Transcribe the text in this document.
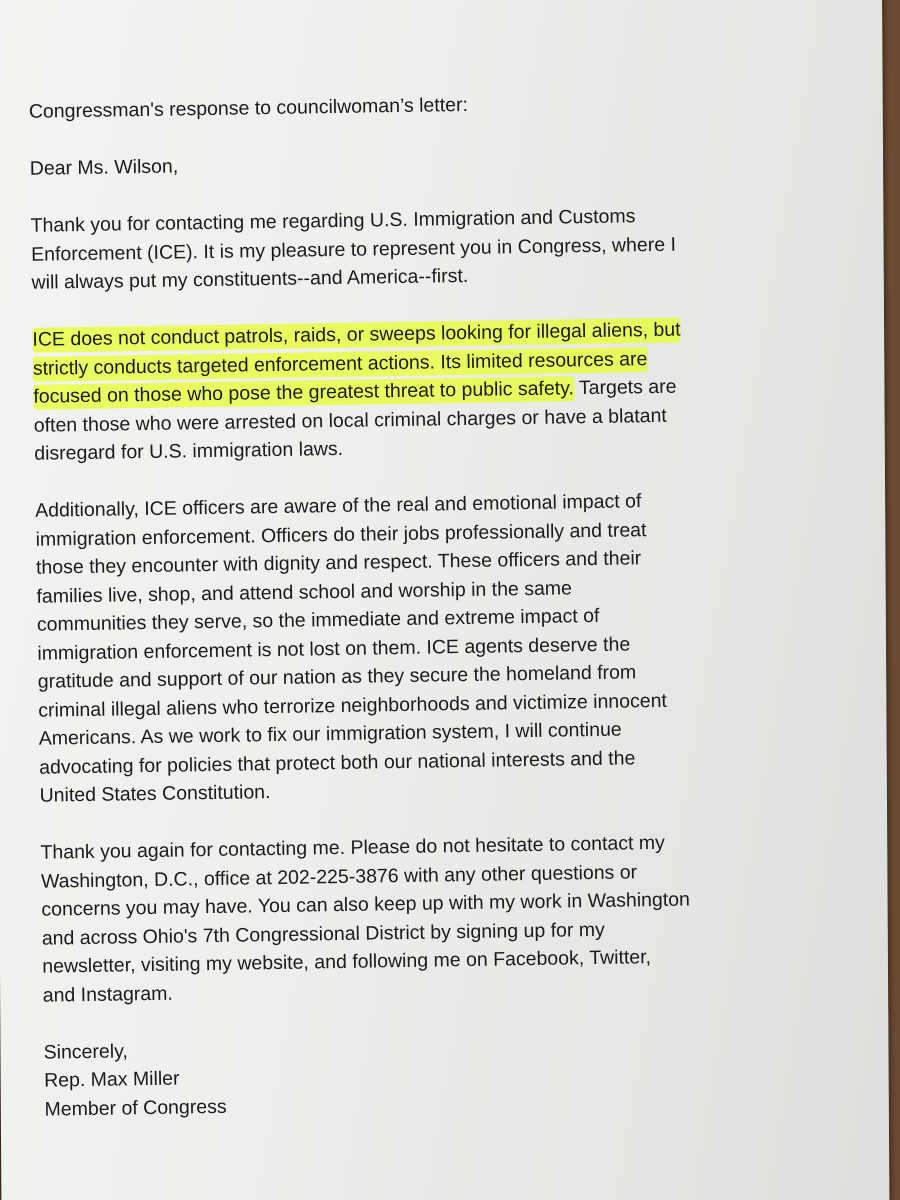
Congressman's response to councilwoman’s letter:

Dear Ms. Wilson,

Thank you for contacting me regarding U.S. Immigration and Customs
Enforcement (ICE). It is my pleasure to represent you in Congress, where I
will always put my constituents--and America--first.

ICE does not conduct patrols, raids, or sweeps looking for illegal aliens, but
strictly conducts targeted enforcement actions. Its limited resources are
focused on those who pose the greatest threat to public safety. Targets are
often those who were arrested on local criminal charges or have a blatant
disregard for U.S. immigration laws.

Additionally, ICE officers are aware of the real and emotional impact of
immigration enforcement. Officers do their jobs professionally and treat
those they encounter with dignity and respect. These officers and their
families live, shop, and attend school and worship in the same
communities they serve, so the immediate and extreme impact of
immigration enforcement is not lost on them. ICE agents deserve the
gratitude and support of our nation as they secure the homeland from
criminal illegal aliens who terrorize neighborhoods and victimize innocent
Americans. As we work to fix our immigration system, I will continue
advocating for policies that protect both our national interests and the
United States Constitution.

Thank you again for contacting me. Please do not hesitate to contact my
Washington, D.C., office at 202-225-3876 with any other questions or
concerns you may have. You can also keep up with my work in Washington
and across Ohio's 7th Congressional District by signing up for my
newsletter, visiting my website, and following me on Facebook, Twitter,
and Instagram.

Sincerely,
Rep. Max Miller
Member of Congress
